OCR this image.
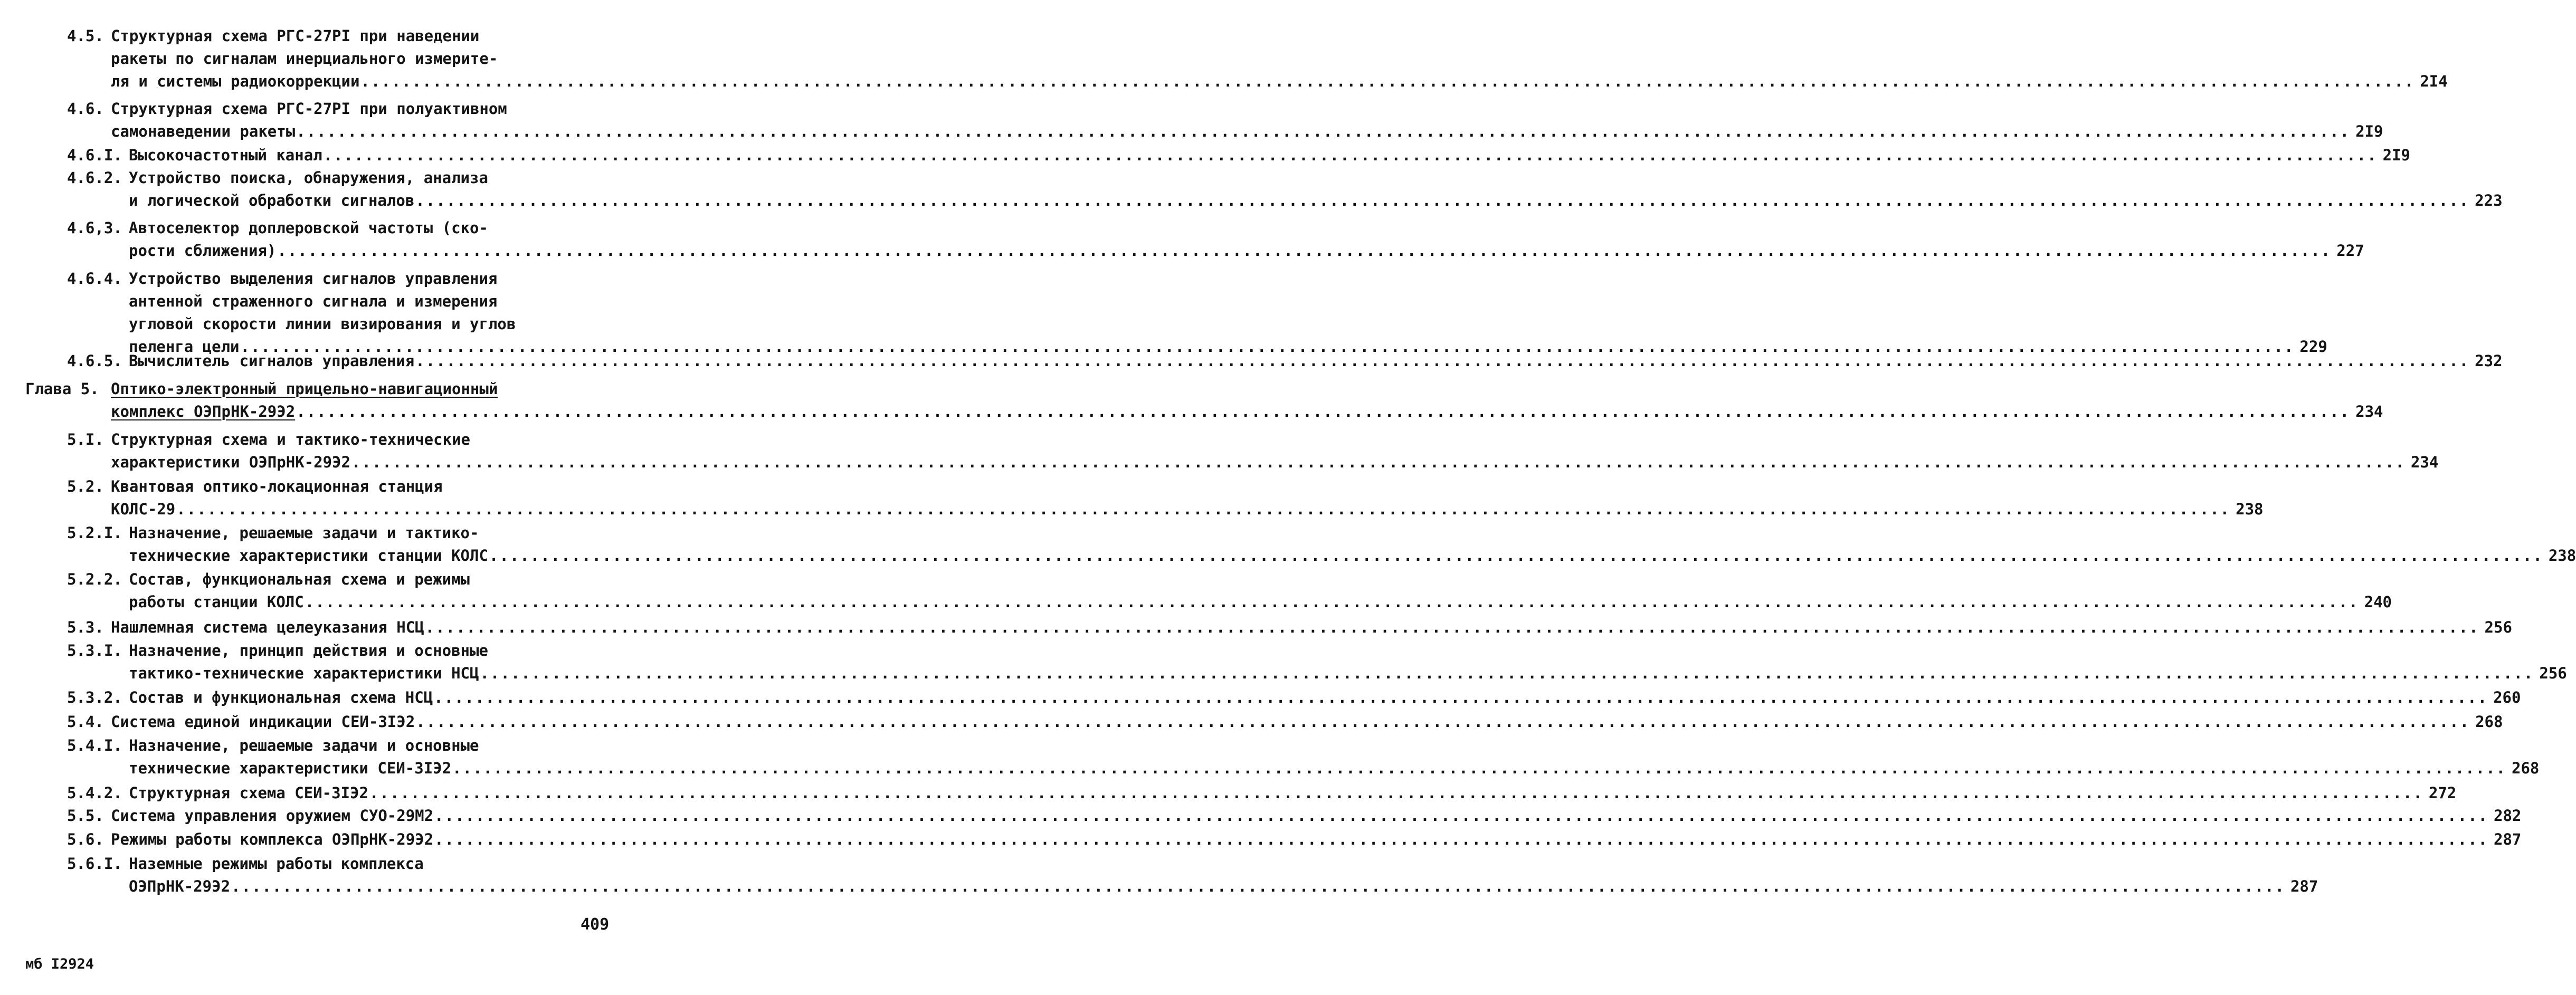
4.5. Структурная схема РГС-27РI при наведении
ракеты по сигналам инерциального измерите-
ля и системы радиокоррекции ........................................................................................................................................................................................................ 2I4
4.6. Структурная схема РГС-27РI при полуактивном
самонаведении ракеты ........................................................................................................................................................................................................ 2I9
4.6.I. Высокочастотный канал ........................................................................................................................................................................................................ 2I9
4.6.2. Устройство поиска, обнаружения, анализа
и логической обработки сигналов ........................................................................................................................................................................................................ 223
4.6,3. Автоселектор доплеровской частоты (ско-
рости сближения) ........................................................................................................................................................................................................ 227
4.6.4. Устройство выделения сигналов управления
антенной страженного сигнала и измерения
угловой скорости линии визирования и углов
пеленга цели ........................................................................................................................................................................................................ 229
4.6.5. Вычислитель сигналов управления ........................................................................................................................................................................................................ 232
Глава 5. Оптико-электронный прицельно-навигационный
комплекс ОЭПрНК-29Э2 ........................................................................................................................................................................................................ 234
5.I. Структурная схема и тактико-технические
характеристики ОЭПрНК-29Э2 ........................................................................................................................................................................................................ 234
5.2. Квантовая оптико-локационная станция
КОЛС-29 ........................................................................................................................................................................................................ 238
5.2.I. Назначение, решаемые задачи и тактико-
технические характеристики станции КОЛС ........................................................................................................................................................................................................ 238
5.2.2. Состав, функциональная схема и режимы
работы станции КОЛС ........................................................................................................................................................................................................ 240
5.3. Нашлемная система целеуказания НСЦ ........................................................................................................................................................................................................ 256
5.3.I. Назначение, принцип действия и основные
тактико-технические характеристики НСЦ ........................................................................................................................................................................................................ 256
5.3.2. Состав и функциональная схема НСЦ ........................................................................................................................................................................................................ 260
5.4. Система единой индикации СЕИ-3IЭ2 ........................................................................................................................................................................................................ 268
5.4.I. Назначение, решаемые задачи и основные
технические характеристики СЕИ-3IЭ2 ........................................................................................................................................................................................................ 268
5.4.2. Структурная схема СЕИ-3IЭ2 ........................................................................................................................................................................................................ 272
5.5. Система управления оружием СУО-29М2 ........................................................................................................................................................................................................ 282
5.6. Режимы работы комплекса ОЭПрНК-29Э2 ........................................................................................................................................................................................................ 287
5.6.I. Наземные режимы работы комплекса
ОЭПрНК-29Э2 ........................................................................................................................................................................................................ 287
409
мб I2924
